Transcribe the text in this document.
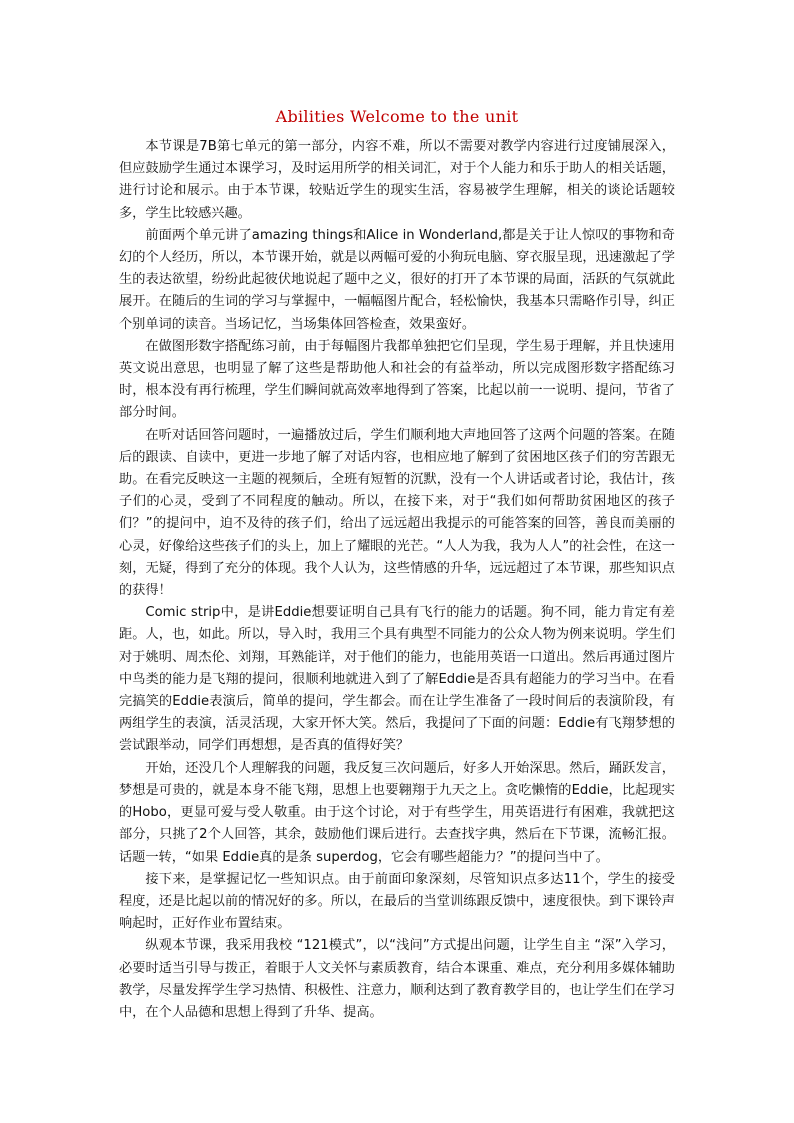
Abilities Welcome to the unit

本节课是7B第七单元的第一部分，内容不难，所以不需要对教学内容进行过度铺展深入，但应鼓励学生通过本课学习，及时运用所学的相关词汇，对于个人能力和乐于助人的相关话题，进行讨论和展示。由于本节课，较贴近学生的现实生活，容易被学生理解，相关的谈论话题较多，学生比较感兴趣。

前面两个单元讲了amazing things和Alice in Wonderland,都是关于让人惊叹的事物和奇幻的个人经历，所以，本节课开始，就是以两幅可爱的小狗玩电脑、穿衣服呈现，迅速激起了学生的表达欲望，纷纷此起彼伏地说起了题中之义，很好的打开了本节课的局面，活跃的气氛就此展开。在随后的生词的学习与掌握中，一幅幅图片配合，轻松愉快，我基本只需略作引导，纠正个别单词的读音。当场记忆，当场集体回答检查，效果蛮好。

在做图形数字搭配练习前，由于每幅图片我都单独把它们呈现，学生易于理解，并且快速用英文说出意思，也明显了解了这些是帮助他人和社会的有益举动，所以完成图形数字搭配练习时，根本没有再行梳理，学生们瞬间就高效率地得到了答案，比起以前一一说明、提问，节省了部分时间。

在听对话回答问题时，一遍播放过后，学生们顺利地大声地回答了这两个问题的答案。在随后的跟读、自读中，更进一步地了解了对话内容，也相应地了解到了贫困地区孩子们的穷苦跟无助。在看完反映这一主题的视频后，全班有短暂的沉默，没有一个人讲话或者讨论，我估计，孩子们的心灵，受到了不同程度的触动。所以，在接下来，对于“我们如何帮助贫困地区的孩子们？”的提问中，迫不及待的孩子们，给出了远远超出我提示的可能答案的回答，善良而美丽的心灵，好像给这些孩子们的头上，加上了耀眼的光芒。“人人为我，我为人人”的社会性，在这一刻，无疑，得到了充分的体现。我个人认为，这些情感的升华，远远超过了本节课，那些知识点的获得！

Comic strip中，是讲Eddie想要证明自己具有飞行的能力的话题。狗不同，能力肯定有差距。人，也，如此。所以，导入时，我用三个具有典型不同能力的公众人物为例来说明。学生们对于姚明、周杰伦、刘翔，耳熟能详，对于他们的能力，也能用英语一口道出。然后再通过图片中鸟类的能力是飞翔的提问，很顺利地就进入到了了解Eddie是否具有超能力的学习当中。在看完搞笑的Eddie表演后，简单的提问，学生都会。而在让学生准备了一段时间后的表演阶段，有两组学生的表演，活灵活现，大家开怀大笑。然后，我提问了下面的问题：Eddie有飞翔梦想的尝试跟举动，同学们再想想，是否真的值得好笑？

开始，还没几个人理解我的问题，我反复三次问题后，好多人开始深思。然后，踊跃发言，梦想是可贵的，就是本身不能飞翔，思想上也要翱翔于九天之上。贪吃懒惰的Eddie，比起现实的Hobo，更显可爱与受人敬重。由于这个讨论，对于有些学生，用英语进行有困难，我就把这部分，只挑了2个人回答，其余，鼓励他们课后进行。去查找字典，然后在下节课，流畅汇报。话题一转，“如果 Eddie真的是条 superdog，它会有哪些超能力？”的提问当中了。

接下来，是掌握记忆一些知识点。由于前面印象深刻，尽管知识点多达11个，学生的接受程度，还是比起以前的情况好的多。所以，在最后的当堂训练跟反馈中，速度很快。到下课铃声响起时，正好作业布置结束。

纵观本节课，我采用我校 “121模式”，以“浅问”方式提出问题，让学生自主 “深”入学习，必要时适当引导与拨正，着眼于人文关怀与素质教育，结合本课重、难点，充分利用多媒体辅助教学，尽量发挥学生学习热情、积极性、注意力，顺利达到了教育教学目的，也让学生们在学习中，在个人品德和思想上得到了升华、提高。
